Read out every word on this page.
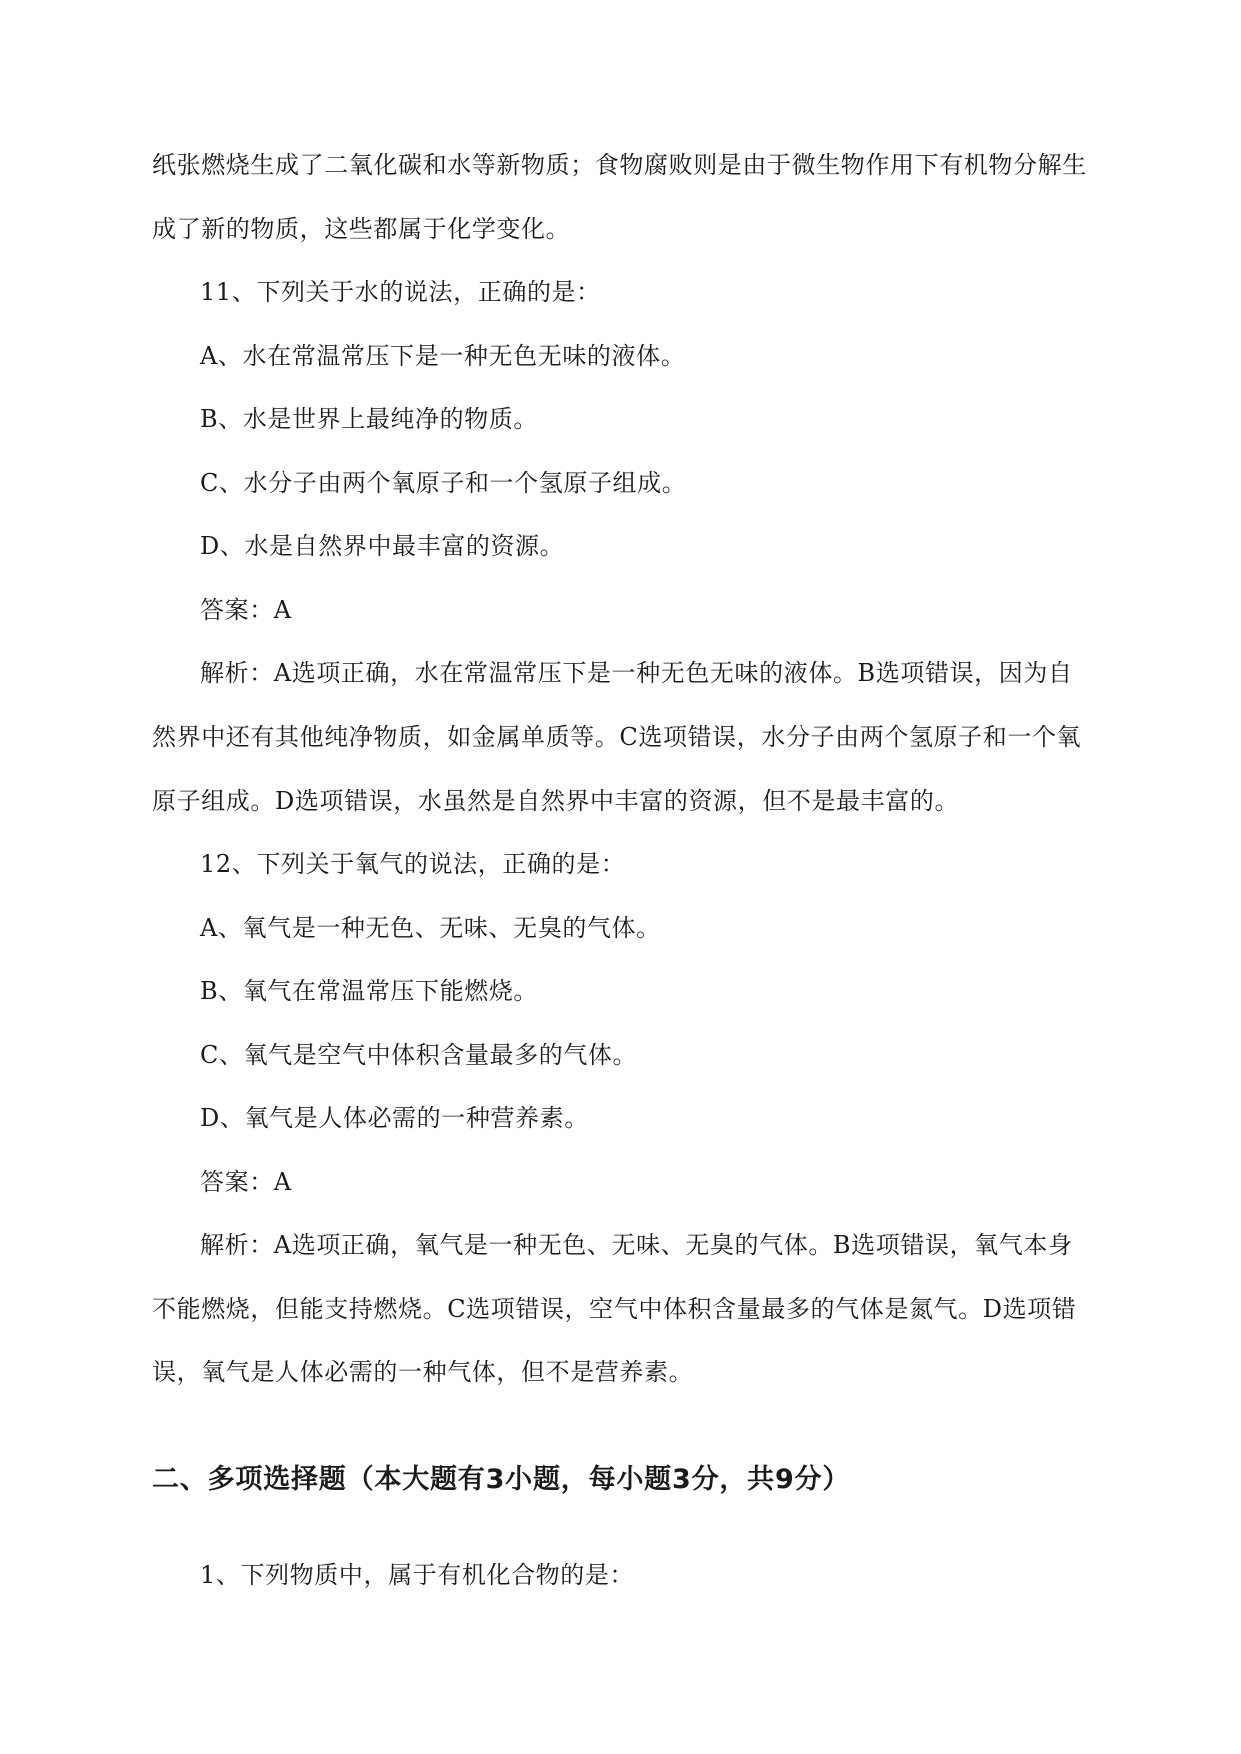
纸张燃烧生成了二氧化碳和水等新物质；食物腐败则是由于微生物作用下有机物分解生
成了新的物质，这些都属于化学变化。
11、下列关于水的说法，正确的是：
A、水在常温常压下是一种无色无味的液体。
B、水是世界上最纯净的物质。
C、水分子由两个氧原子和一个氢原子组成。
D、水是自然界中最丰富的资源。
答案：A
解析：A选项正确，水在常温常压下是一种无色无味的液体。B选项错误，因为自
然界中还有其他纯净物质，如金属单质等。C选项错误，水分子由两个氢原子和一个氧
原子组成。D选项错误，水虽然是自然界中丰富的资源，但不是最丰富的。
12、下列关于氧气的说法，正确的是：
A、氧气是一种无色、无味、无臭的气体。
B、氧气在常温常压下能燃烧。
C、氧气是空气中体积含量最多的气体。
D、氧气是人体必需的一种营养素。
答案：A
解析：A选项正确，氧气是一种无色、无味、无臭的气体。B选项错误，氧气本身
不能燃烧，但能支持燃烧。C选项错误，空气中体积含量最多的气体是氮气。D选项错
误，氧气是人体必需的一种气体，但不是营养素。
二、多项选择题（本大题有3小题，每小题3分，共9分）
1、下列物质中，属于有机化合物的是：
